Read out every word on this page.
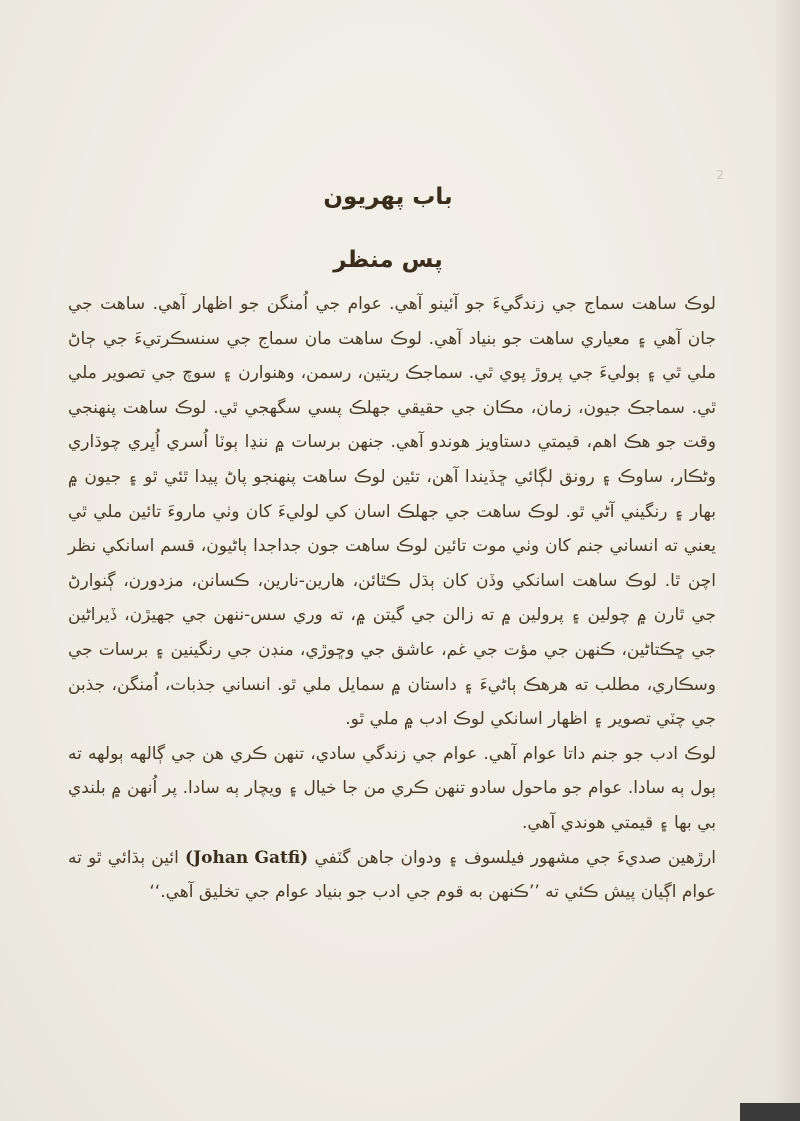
2
باب پهريون
پس منظر

لوڪ ساهت سماج جي زندگيءَ جو آئينو آهي. عوام جي اُمنگن جو اظهار آهي. ساهت جي جان آهي ۽ معياري ساهت جو بنياد آهي. لوڪ ساهت مان سماج جي سنسڪرتيءَ جي ڄاڻ ملي ٿي ۽ ٻوليءَ جي پروڙ پوي ٿي. سماجڪ ريتين، رسمن، وهنوارن ۽ سوچ جي تصوير ملي ٿي. سماجڪ جيون، زمان، مڪان جي حقيقي جهلڪ پسي سگهجي ٿي. لوڪ ساهت پنهنجي وقت جو هڪ اهم، قيمتي دستاويز هوندو آهي. جنهن برسات ۾ ننڍا ٻوٽا اُسري اُڀري چوڌاري وڻڪار، ساوڪ ۽ رونق لڳائي ڇڏيندا آهن، تئين لوڪ ساهت پنهنجو پاڻ پيدا ٿئي ٿو ۽ جيون ۾ بهار ۽ رنگيني آڻي ٿو. لوڪ ساهت جي جهلڪ اسان کي لوليءَ کان وٺي ماروءَ تائين ملي ٿي يعني ته انساني جنم کان وٺي موت تائين لوڪ ساهت جون جداجدا ٻاڻيون، قسم اسانکي نظر اچن ٿا. لوڪ ساهت اسانکي وڏن کان ٻڌل ڪٿائن، هارين-نارين، ڪسانن، مزدورن، ڳنوارڻ جي ٿارن ۾ چولين ۽ پرولين ۾ ته زالن جي گيتن ۾، ته وري سس-ننهن جي جهيڙن، ڏيراڻين جي ڇڪتاڻين، ڪنهن جي مؤت جي غم، عاشق جي وڇوڙي، منڊن جي رنگينين ۽ برسات جي وسڪاري، مطلب ته هرهڪ ٻاڻيءَ ۽ داستان ۾ سمايل ملي ٿو. انساني جذبات، اُمنگن، جذبن جي چٽي تصوير ۽ اظهار اسانکي لوڪ ادب ۾ ملي ٿو.

لوڪ ادب جو جنم داتا عوام آهي. عوام جي زندگي سادي، تنهن ڪري هن جي ڳالهه ٻولهه ته ٻول ٻه سادا. عوام جو ماحول سادو تنهن ڪري من جا خيال ۽ ويچار ٻه سادا. پر اُنهن ۾ بلندي بي بها ۽ قيمتي هوندي آهي.

ارڙهين صديءَ جي مشهور فيلسوف ۽ ودوان جاهن گٽفي (Johan Gatfi) ائين ٻڌائي ٿو ته عوام اڳيان پيش ڪئي ته ’’ڪنهن به قوم جي ادب جو بنياد عوام جي تخليق آهي.‘‘
